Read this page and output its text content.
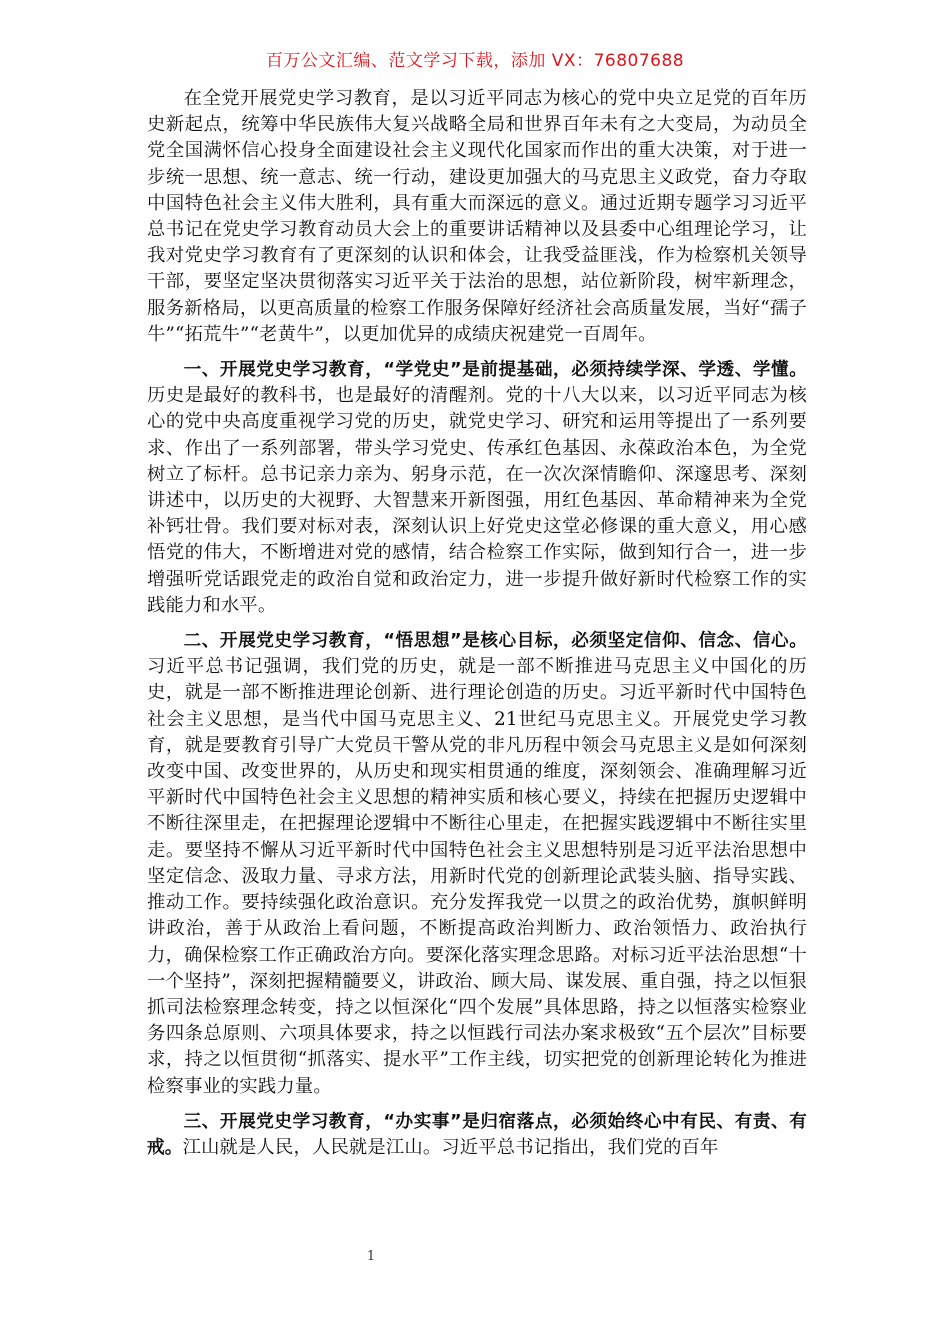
百万公文汇编、范文学习下载，添加 VX：76807688

在全党开展党史学习教育，是以习近平同志为核心的党中央立足党的百年历史新起点，统筹中华民族伟大复兴战略全局和世界百年未有之大变局，为动员全党全国满怀信心投身全面建设社会主义现代化国家而作出的重大决策，对于进一步统一思想、统一意志、统一行动，建设更加强大的马克思主义政党，奋力夺取中国特色社会主义伟大胜利，具有重大而深远的意义。通过近期专题学习习近平总书记在党史学习教育动员大会上的重要讲话精神以及县委中心组理论学习，让我对党史学习教育有了更深刻的认识和体会，让我受益匪浅，作为检察机关领导干部，要坚定坚决贯彻落实习近平关于法治的思想，站位新阶段，树牢新理念，服务新格局，以更高质量的检察工作服务保障好经济社会高质量发展，当好“孺子牛”“拓荒牛”“老黄牛”，以更加优异的成绩庆祝建党一百周年。

一、开展党史学习教育，“学党史”是前提基础，必须持续学深、学透、学懂。历史是最好的教科书，也是最好的清醒剂。党的十八大以来，以习近平同志为核心的党中央高度重视学习党的历史，就党史学习、研究和运用等提出了一系列要求、作出了一系列部署，带头学习党史、传承红色基因、永葆政治本色，为全党树立了标杆。总书记亲力亲为、躬身示范，在一次次深情瞻仰、深邃思考、深刻讲述中，以历史的大视野、大智慧来开新图强，用红色基因、革命精神来为全党补钙壮骨。我们要对标对表，深刻认识上好党史这堂必修课的重大意义，用心感悟党的伟大，不断增进对党的感情，结合检察工作实际，做到知行合一，进一步增强听党话跟党走的政治自觉和政治定力，进一步提升做好新时代检察工作的实践能力和水平。

二、开展党史学习教育，“悟思想”是核心目标，必须坚定信仰、信念、信心。习近平总书记强调，我们党的历史，就是一部不断推进马克思主义中国化的历史，就是一部不断推进理论创新、进行理论创造的历史。习近平新时代中国特色社会主义思想，是当代中国马克思主义、21世纪马克思主义。开展党史学习教育，就是要教育引导广大党员干警从党的非凡历程中领会马克思主义是如何深刻改变中国、改变世界的，从历史和现实相贯通的维度，深刻领会、准确理解习近平新时代中国特色社会主义思想的精神实质和核心要义，持续在把握历史逻辑中不断往深里走，在把握理论逻辑中不断往心里走，在把握实践逻辑中不断往实里走。要坚持不懈从习近平新时代中国特色社会主义思想特别是习近平法治思想中坚定信念、汲取力量、寻求方法，用新时代党的创新理论武装头脑、指导实践、推动工作。要持续强化政治意识。充分发挥我党一以贯之的政治优势，旗帜鲜明讲政治，善于从政治上看问题，不断提高政治判断力、政治领悟力、政治执行力，确保检察工作正确政治方向。要深化落实理念思路。对标习近平法治思想“十一个坚持”，深刻把握精髓要义，讲政治、顾大局、谋发展、重自强，持之以恒狠抓司法检察理念转变，持之以恒深化“四个发展”具体思路，持之以恒落实检察业务四条总原则、六项具体要求，持之以恒践行司法办案求极致“五个层次”目标要求，持之以恒贯彻“抓落实、提水平”工作主线，切实把党的创新理论转化为推进检察事业的实践力量。

三、开展党史学习教育，“办实事”是归宿落点，必须始终心中有民、有责、有戒。江山就是人民，人民就是江山。习近平总书记指出，我们党的百年

1
